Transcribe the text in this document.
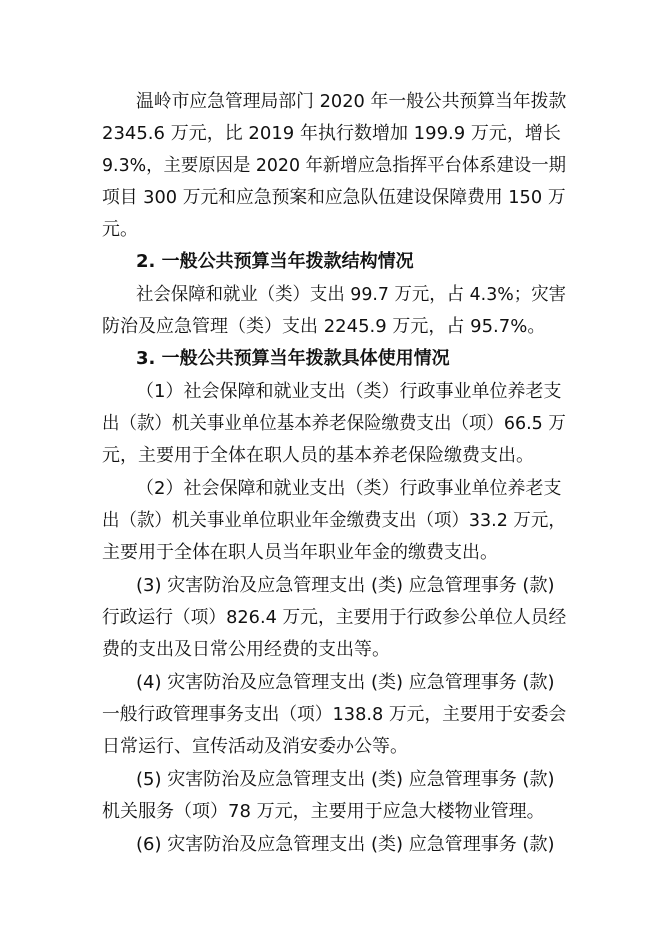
温岭市应急管理局部门 2020 年一般公共预算当年拨款
2345.6 万元，比 2019 年执行数增加 199.9 万元，增长
9.3%，主要原因是 2020 年新增应急指挥平台体系建设一期
项目 300 万元和应急预案和应急队伍建设保障费用 150 万
元。
2. 一般公共预算当年拨款结构情况
社会保障和就业（类）支出 99.7 万元，占 4.3%；灾害
防治及应急管理（类）支出 2245.9 万元，占 95.7%。
3. 一般公共预算当年拨款具体使用情况
（1）社会保障和就业支出（类）行政事业单位养老支
出（款）机关事业单位基本养老保险缴费支出（项）66.5 万
元，主要用于全体在职人员的基本养老保险缴费支出。
（2）社会保障和就业支出（类）行政事业单位养老支
出（款）机关事业单位职业年金缴费支出（项）33.2 万元，
主要用于全体在职人员当年职业年金的缴费支出。
(3) 灾害防治及应急管理支出 (类) 应急管理事务 (款)
行政运行（项）826.4 万元，主要用于行政参公单位人员经
费的支出及日常公用经费的支出等。
(4) 灾害防治及应急管理支出 (类) 应急管理事务 (款)
一般行政管理事务支出（项）138.8 万元，主要用于安委会
日常运行、宣传活动及消安委办公等。
(5) 灾害防治及应急管理支出 (类) 应急管理事务 (款)
机关服务（项）78 万元，主要用于应急大楼物业管理。
(6) 灾害防治及应急管理支出 (类) 应急管理事务 (款)
